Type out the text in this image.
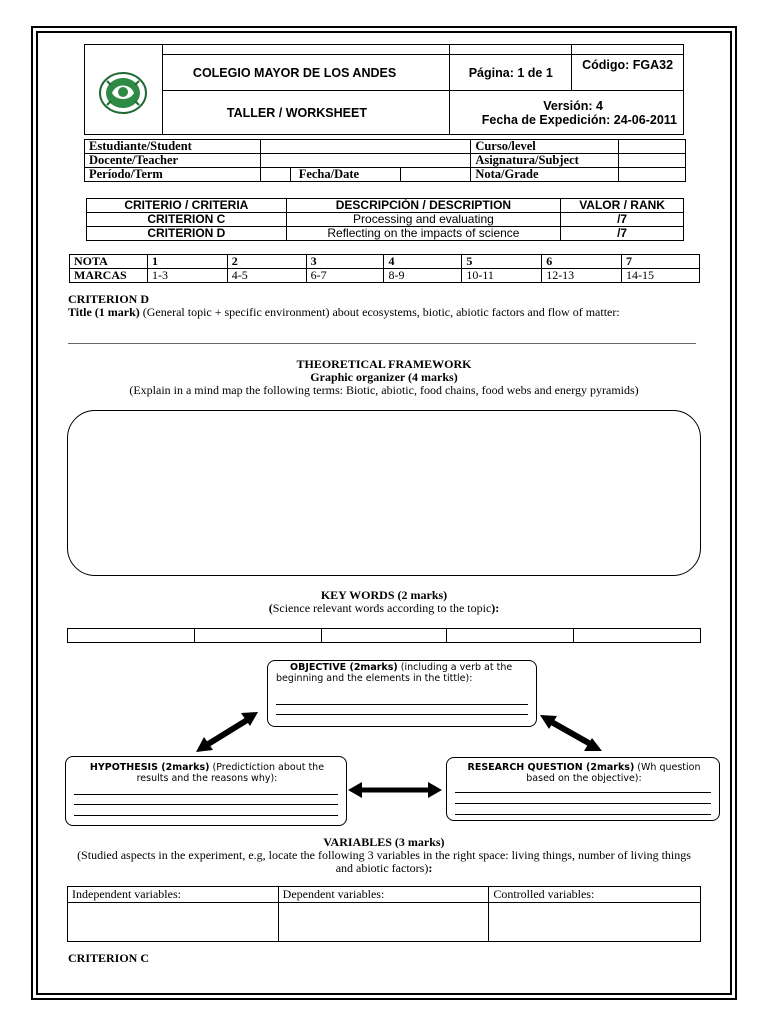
	COLEGIO MAYOR DE LOS ANDES		Página: 1 de 1	Código: FGA32
	TALLER / WORKSHEET		Versión: 4
Fecha de Expedición: 24-06-2011	
Estudiante/Student				Curso/level	
Docente/Teacher				Asignatura/Subject	
Período/Term		Fecha/Date		Nota/Grade	
CRITERIO / CRITERIA	DESCRIPCIÓN / DESCRIPTION	VALOR / RANK
CRITERION C	Processing and evaluating	/7
CRITERION D	Reflecting on the impacts of science	/7
NOTA	1	2	3	4	5	6	7
MARCAS	1-3	4-5	6-7	8-9	10-11	12-13	14-15
CRITERION D
Title (1 mark) (General topic + specific environment) about ecosystems, biotic, abiotic factors and flow of matter:
THEORETICAL FRAMEWORK
Graphic organizer (4 marks)
(Explain in a mind map the following terms: Biotic, abiotic, food chains, food webs and energy pyramids)
KEY WORDS (2 marks)
(Science relevant words according to the topic):

OBJECTIVE (2marks) (including a verb at the beginning and the elements in the tittle):
HYPOTHESIS (2marks) (Predictiction about the results and the reasons why):
RESEARCH QUESTION (2marks) (Wh question based on the objective):
VARIABLES (3 marks)
(Studied aspects in the experiment, e.g, locate the following 3 variables in the right space: living things, number of living things and abiotic factors):
Independent variables:	Dependent variables:	Controlled variables:

CRITERION C
